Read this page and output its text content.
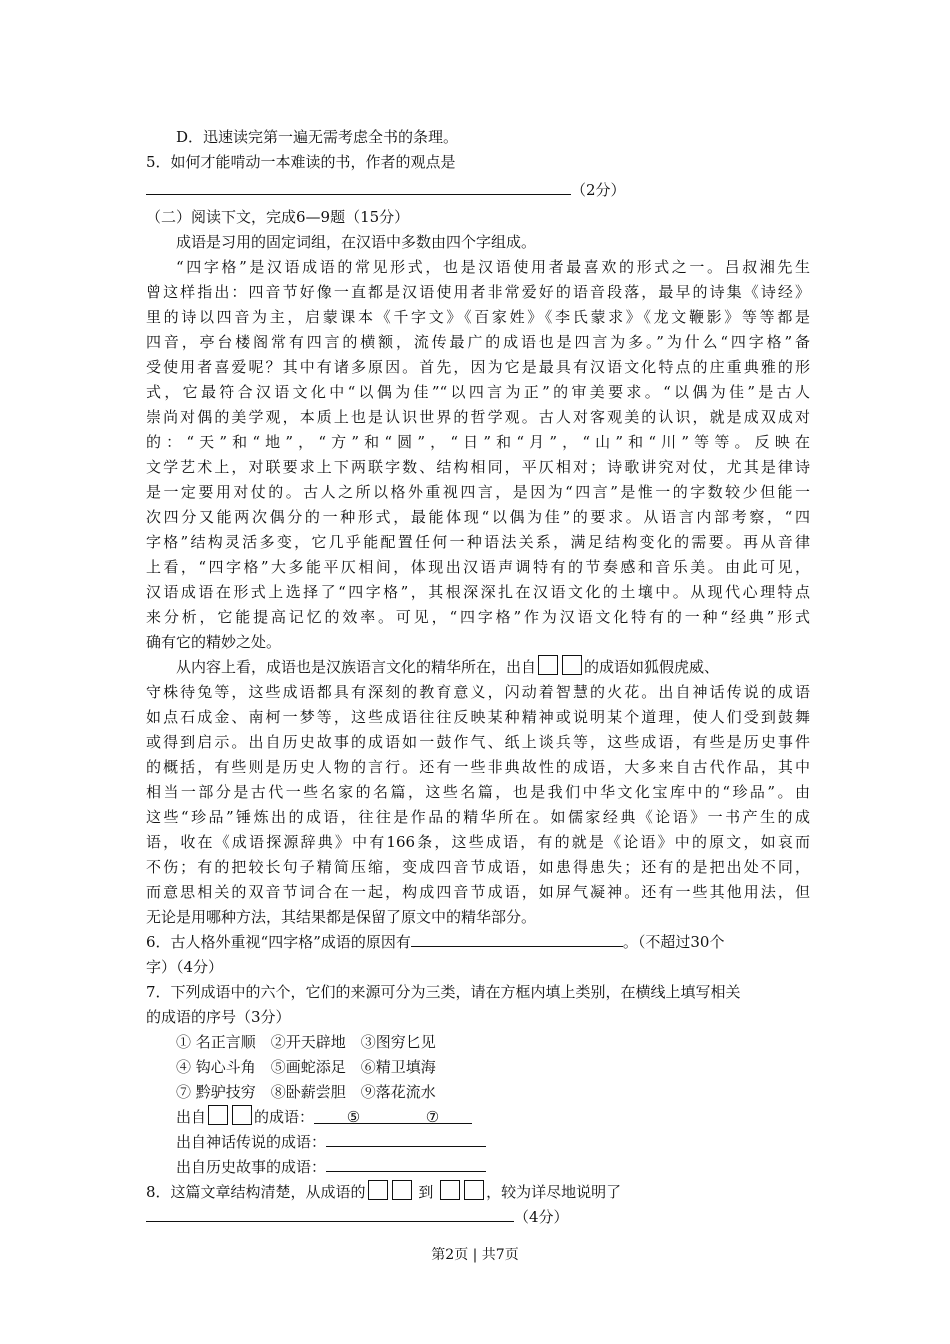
D．迅速读完第一遍无需考虑全书的条理。
5．如何才能啃动一本难读的书，作者的观点是
（2分）
（二）阅读下文，完成6—9题（15分）
成语是习用的固定词组，在汉语中多数由四个字组成。
“四字格”是汉语成语的常见形式，也是汉语使用者最喜欢的形式之一。吕叔湘先生
曾这样指出：四音节好像一直都是汉语使用者非常爱好的语音段落，最早的诗集《诗经》
里的诗以四音为主，启蒙课本《千字文》《百家姓》《李氏蒙求》《龙文鞭影》等等都是
四音，亭台楼阁常有四言的横额，流传最广的成语也是四言为多。”为什么“四字格”备
受使用者喜爱呢？其中有诸多原因。首先，因为它是最具有汉语文化特点的庄重典雅的形
式，它最符合汉语文化中“以偶为佳”“以四言为正”的审美要求。“以偶为佳”是古人
崇尚对偶的美学观，本质上也是认识世界的哲学观。古人对客观美的认识，就是成双成对
的：“天”和“地”，“方”和“圆”，“日”和“月”，“山”和“川”等等。反映在
文学艺术上，对联要求上下两联字数、结构相同，平仄相对；诗歌讲究对仗，尤其是律诗
是一定要用对仗的。古人之所以格外重视四言，是因为“四言”是惟一的字数较少但能一
次四分又能两次偶分的一种形式，最能体现“以偶为佳”的要求。从语言内部考察，“四
字格”结构灵活多变，它几乎能配置任何一种语法关系，满足结构变化的需要。再从音律
上看，“四字格”大多能平仄相间，体现出汉语声调特有的节奏感和音乐美。由此可见，
汉语成语在形式上选择了“四字格”，其根深深扎在汉语文化的土壤中。从现代心理特点
来分析，它能提高记忆的效率。可见，“四字格”作为汉语文化特有的一种“经典”形式
确有它的精妙之处。
从内容上看，成语也是汉族语言文化的精华所在，出自	的成语如狐假虎威、
守株待兔等，这些成语都具有深刻的教育意义，闪动着智慧的火花。出自神话传说的成语
如点石成金、南柯一梦等，这些成语往往反映某种精神或说明某个道理，使人们受到鼓舞
或得到启示。出自历史故事的成语如一鼓作气、纸上谈兵等，这些成语，有些是历史事件
的概括，有些则是历史人物的言行。还有一些非典故性的成语，大多来自古代作品，其中
相当一部分是古代一些名家的名篇，这些名篇，也是我们中华文化宝库中的“珍品”。由
这些“珍品”锤炼出的成语，往往是作品的精华所在。如儒家经典《论语》一书产生的成
语，收在《成语探源辞典》中有166条，这些成语，有的就是《论语》中的原文，如哀而
不伤；有的把较长句子精简压缩，变成四音节成语，如患得患失；还有的是把出处不同，
而意思相关的双音节词合在一起，构成四音节成语，如屏气凝神。还有一些其他用法，但
无论是用哪种方法，其结果都是保留了原文中的精华部分。
6．古人格外重视“四字格”成语的原因有	。（不超过30个
字）（4分）
7．下列成语中的六个，它们的来源可分为三类，请在方框内填上类别，在横线上填写相关
的成语的序号（3分）
① 名正言顺　②开天辟地　③图穷匕见
④ 钩心斗角　⑤画蛇添足　⑥精卫填海
⑦ 黔驴技穷　⑧卧薪尝胆　⑨落花流水
出自	的成语： ⑤	⑦
出自神话传说的成语：
出自历史故事的成语：
8．这篇文章结构清楚，从成语的	到	，较为详尽地说明了
（4分）
第2页 | 共7页
